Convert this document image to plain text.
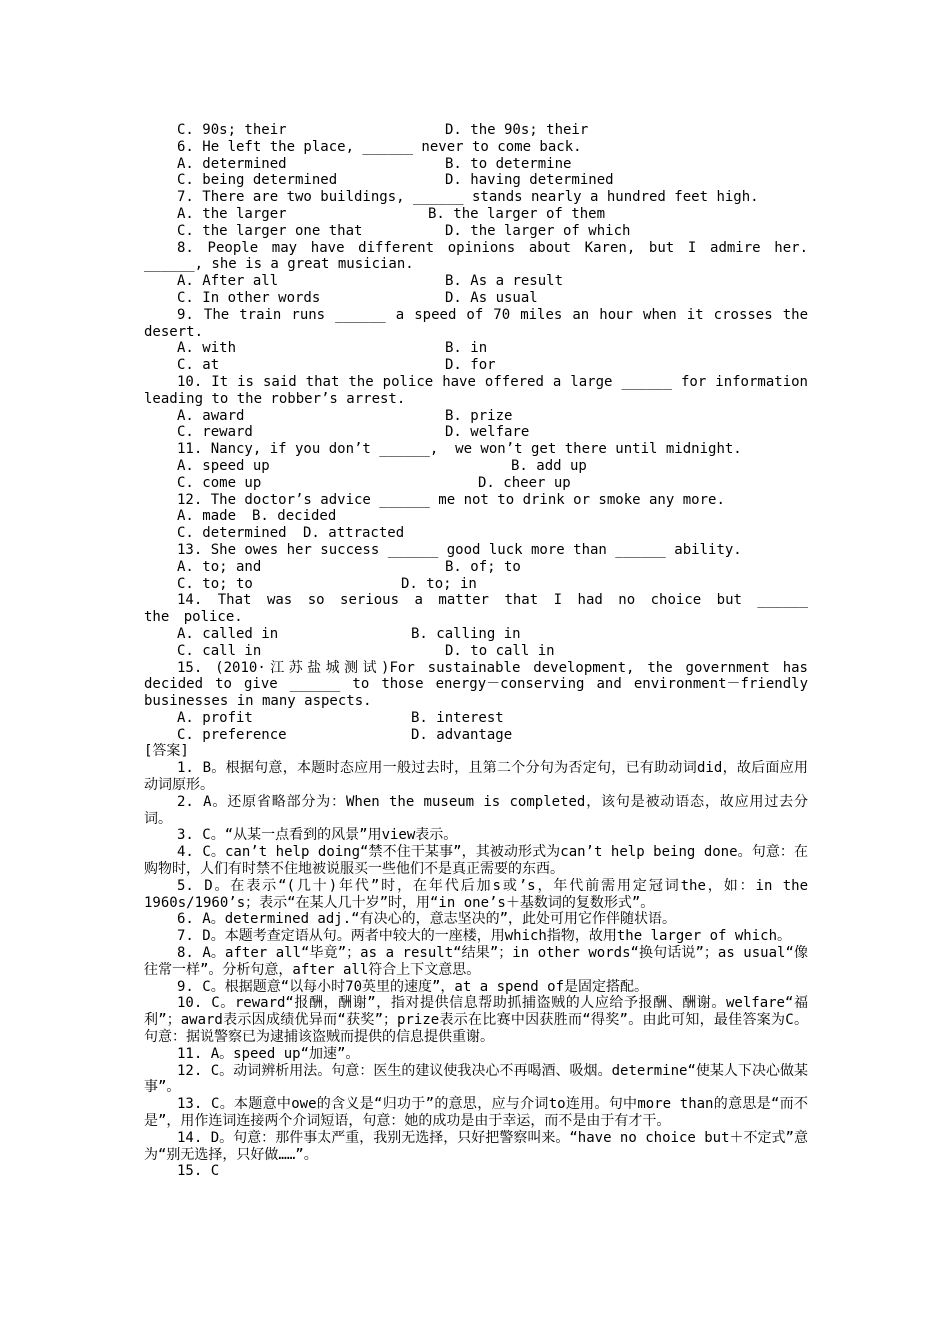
C. 90s; their	D. the 90s; their
6. He left the place, ______ never to come back.
A. determined	B. to determine
C. being determined	D. having determined
7. There are two buildings, ______ stands nearly a hundred feet high.
A. the larger	B. the larger of them
C. the larger one that	D. the larger of which
8. People may have different opinions about Karen, but I admire her. ______, she is a great musician.
A. After all	B. As a result
C. In other words	D. As usual
9. The train runs ______ a speed of 70 miles an hour when it crosses the desert.
A. with	B. in
C. at	D. for
10. It is said that the police have offered a large ______ for information leading to the robber’s arrest.
A. award	B. prize
C. reward	D. welfare
11. Nancy, if you don’t ______,  we won’t get there until midnight.
A. speed up	B. add up
C. come up	D. cheer up
12. The doctor’s advice ______ me not to drink or smoke any more.
A. made	B. decided
C. determined	D. attracted
13. She owes her success ______ good luck more than ______ ability.
A. to; and	B. of; to
C. to; to	D. to; in
14. That was so serious a matter that I had no choice but ______ the police.
A. called in	B. calling in
C. call in	D. to call in
15. (2010·江苏盐城测试)For sustainable development, the government has decided to give ______ to those energy－conserving and environment－friendly businesses in many aspects.
A. profit	B. interest
C. preference	D. advantage
[答案]
1. B。根据句意，本题时态应用一般过去时，且第二个分句为否定句，已有助动词did，故后面应用动词原形。
2. A。还原省略部分为：When the museum is completed，该句是被动语态，故应用过去分词。
3. C。“从某一点看到的风景”用view表示。
4. C。can’t help doing“禁不住干某事”，其被动形式为can’t help being done。句意：在购物时，人们有时禁不住地被说服买一些他们不是真正需要的东西。
5. D。在表示“(几十)年代”时，在年代后加s或’s，年代前需用定冠词the，如：in the 1960s/1960’s；表示“在某人几十岁”时，用“in one’s＋基数词的复数形式”。
6. A。determined adj.“有决心的，意志坚决的”，此处可用它作伴随状语。
7. D。本题考查定语从句。两者中较大的一座楼，用which指物，故用the larger of which。
8. A。after all“毕竟”；as a result“结果”；in other words“换句话说”；as usual“像往常一样”。分析句意，after all符合上下文意思。
9. C。根据题意“以每小时70英里的速度”，at a spend of是固定搭配。
10. C。reward“报酬，酬谢”，指对提供信息帮助抓捕盗贼的人应给予报酬、酬谢。welfare“福利”；award表示因成绩优异而“获奖”；prize表示在比赛中因获胜而“得奖”。由此可知，最佳答案为C。句意：据说警察已为逮捕该盗贼而提供的信息提供重谢。
11. A。speed up“加速”。
12. C。动词辨析用法。句意：医生的建议使我决心不再喝酒、吸烟。determine“使某人下决心做某事”。
13. C。本题意中owe的含义是“归功于”的意思，应与介词to连用。句中more than的意思是“而不是”，用作连词连接两个介词短语，句意：她的成功是由于幸运，而不是由于有才干。
14. D。句意：那件事太严重，我别无选择，只好把警察叫来。“have no choice but＋不定式”意为“别无选择，只好做……”。
15. C
